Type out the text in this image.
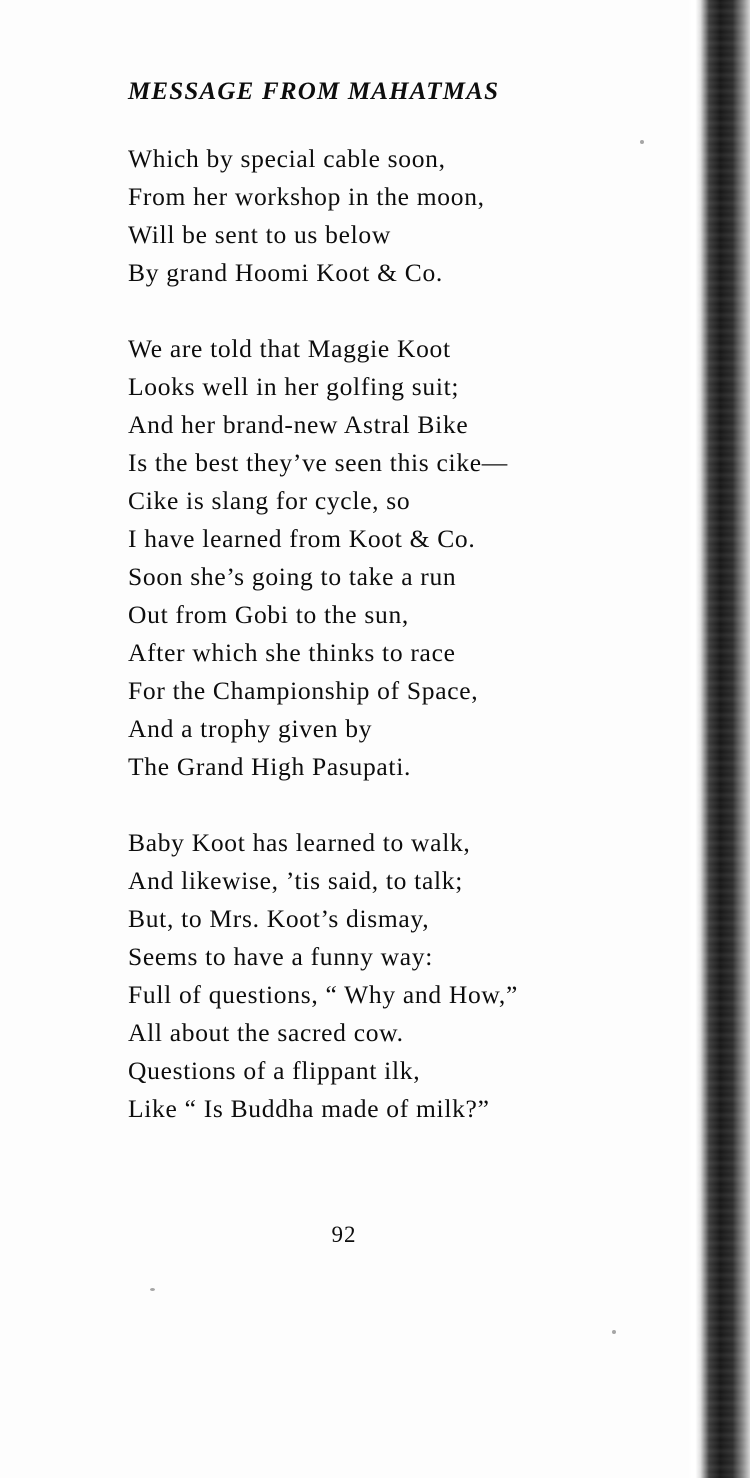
MESSAGE FROM MAHATMAS
Which by special cable soon,
From her workshop in the moon,
Will be sent to us below
By grand Hoomi Koot & Co.
We are told that Maggie Koot
Looks well in her golfing suit;
And her brand-new Astral Bike
Is the best they’ve seen this cike—
Cike is slang for cycle, so
I have learned from Koot & Co.
Soon she’s going to take a run
Out from Gobi to the sun,
After which she thinks to race
For the Championship of Space,
And a trophy given by
The Grand High Pasupati.
Baby Koot has learned to walk,
And likewise, ’tis said, to talk;
But, to Mrs. Koot’s dismay,
Seems to have a funny way:
Full of questions, “ Why and How,”
All about the sacred cow.
Questions of a flippant ilk,
Like “ Is Buddha made of milk?”
92
